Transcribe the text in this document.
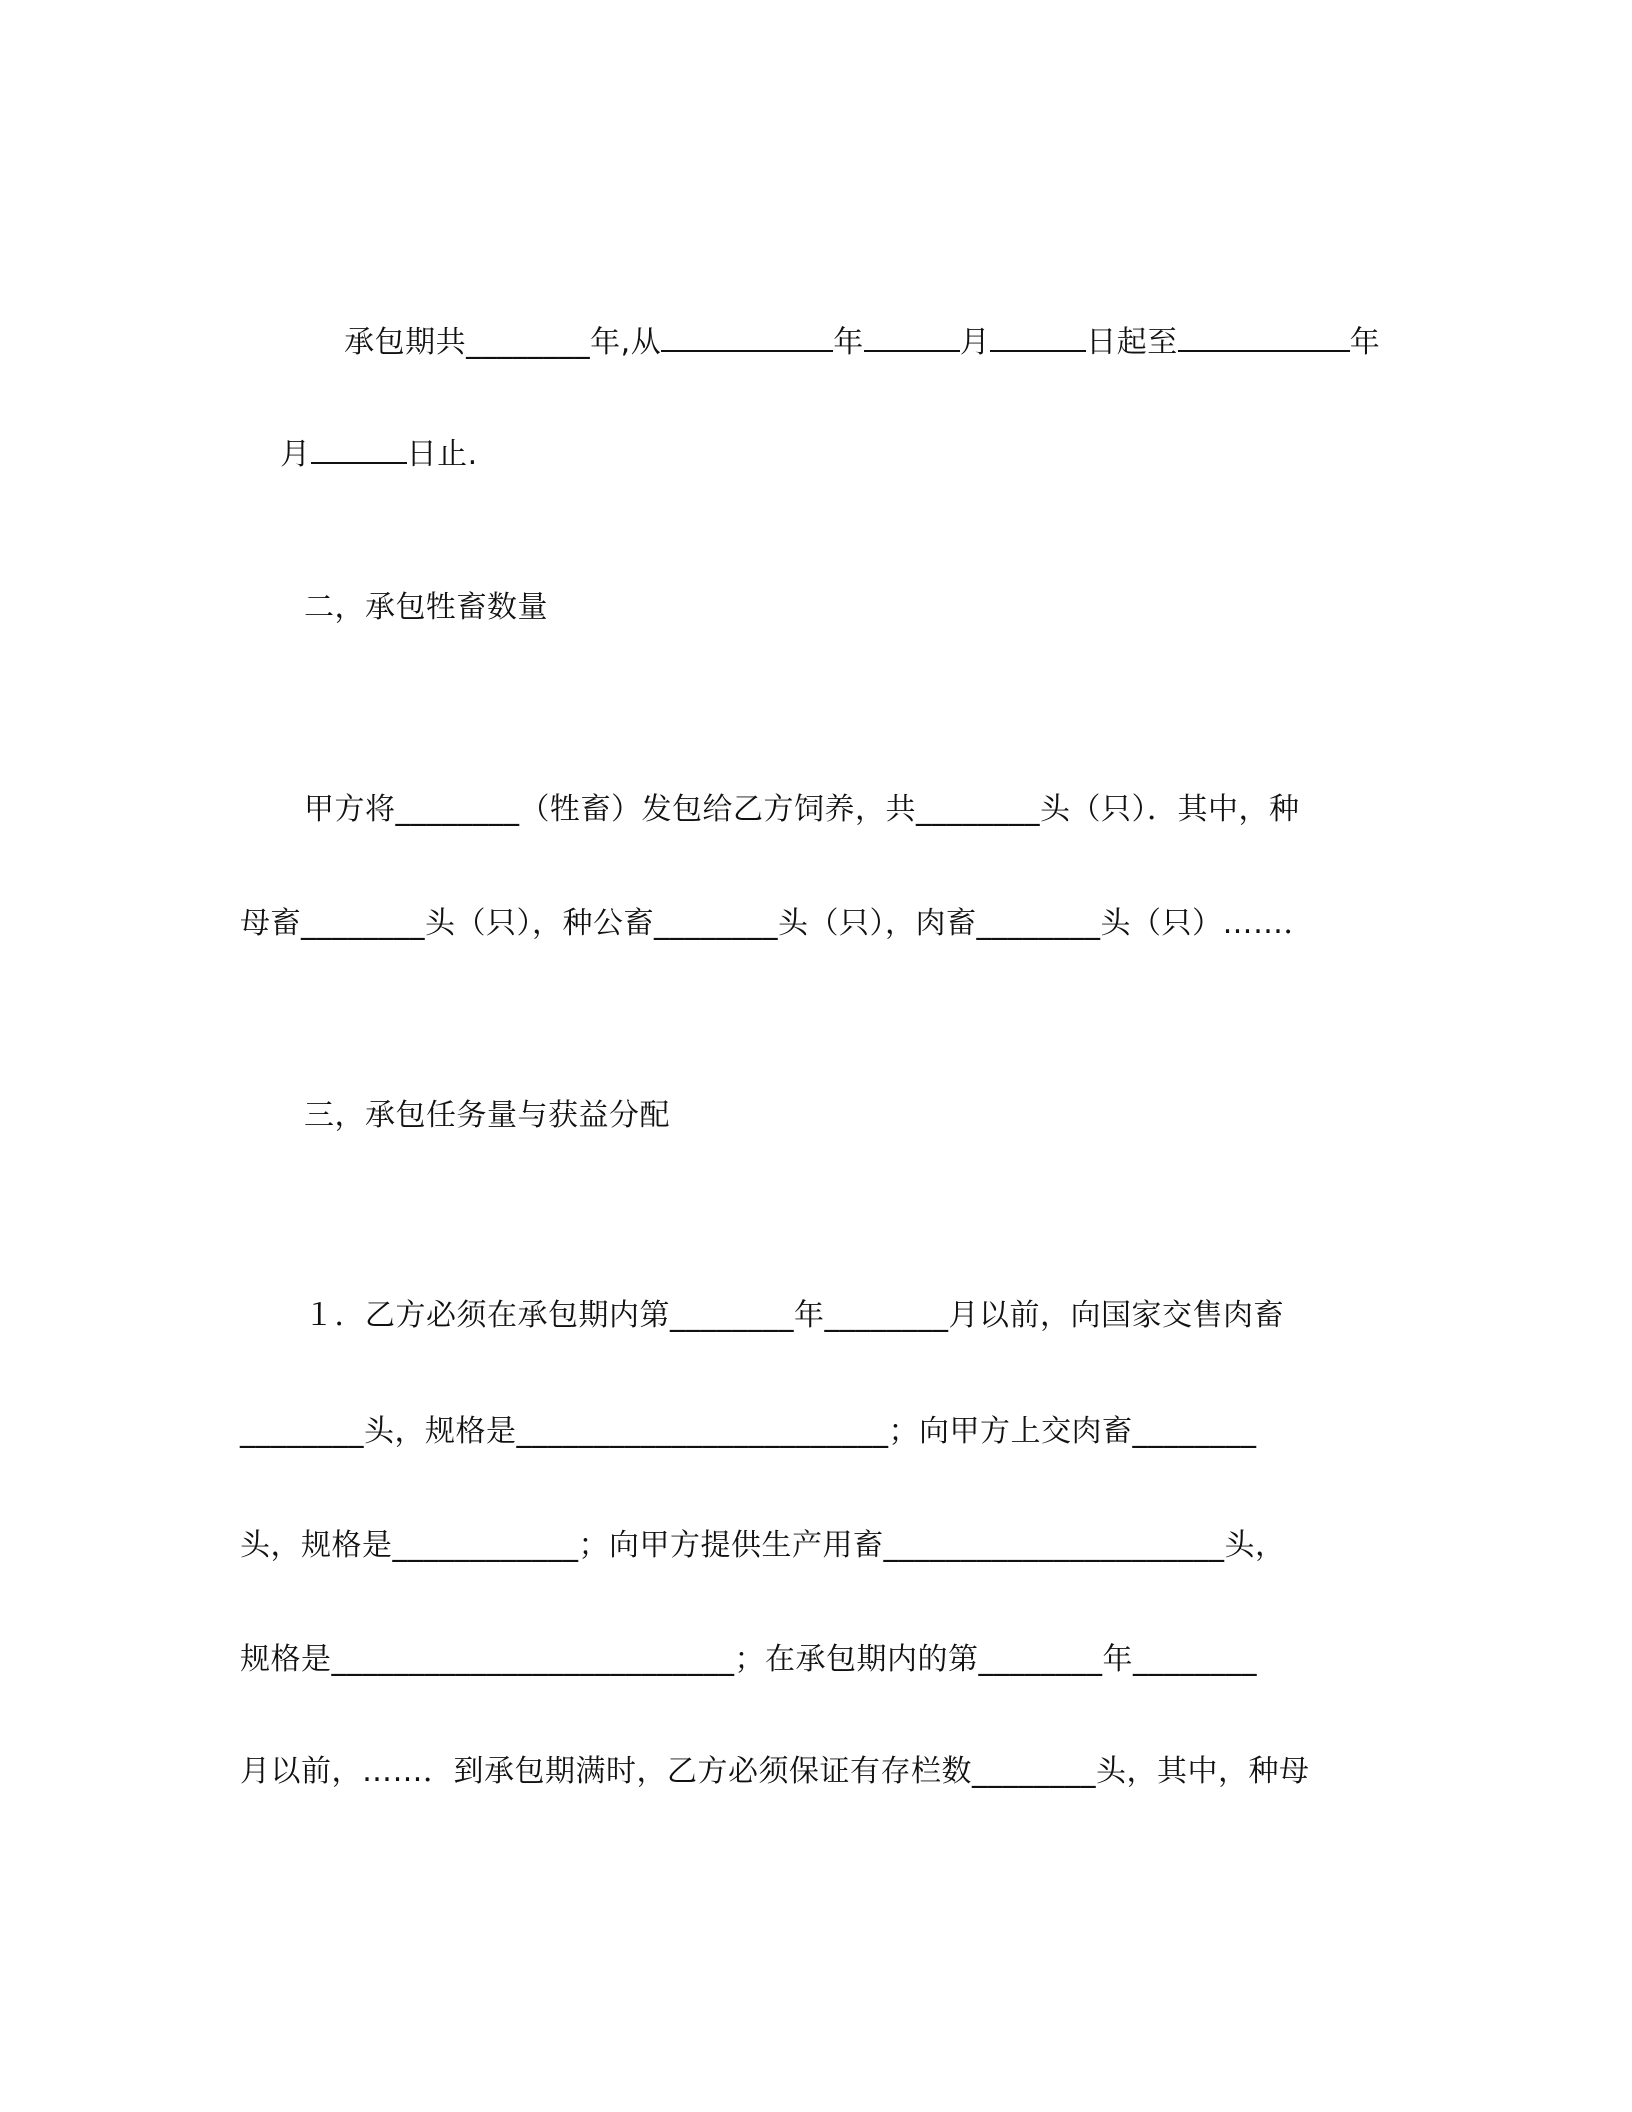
承包期共________年,从	年	月	日起至	年

月	日止.

二，承包牲畜数量
甲方将________（牲畜）发包给乙方饲养，共________头（只）．其中，种
母畜________头（只），种公畜________头（只），肉畜________头（只）……．
三，承包任务量与获益分配
１．乙方必须在承包期内第________年________月以前，向国家交售肉畜
________头，规格是________________________；向甲方上交肉畜________
头，规格是____________；向甲方提供生产用畜______________________头，
规格是__________________________；在承包期内的第________年________
月以前，……．到承包期满时，乙方必须保证有存栏数________头，其中，种母
